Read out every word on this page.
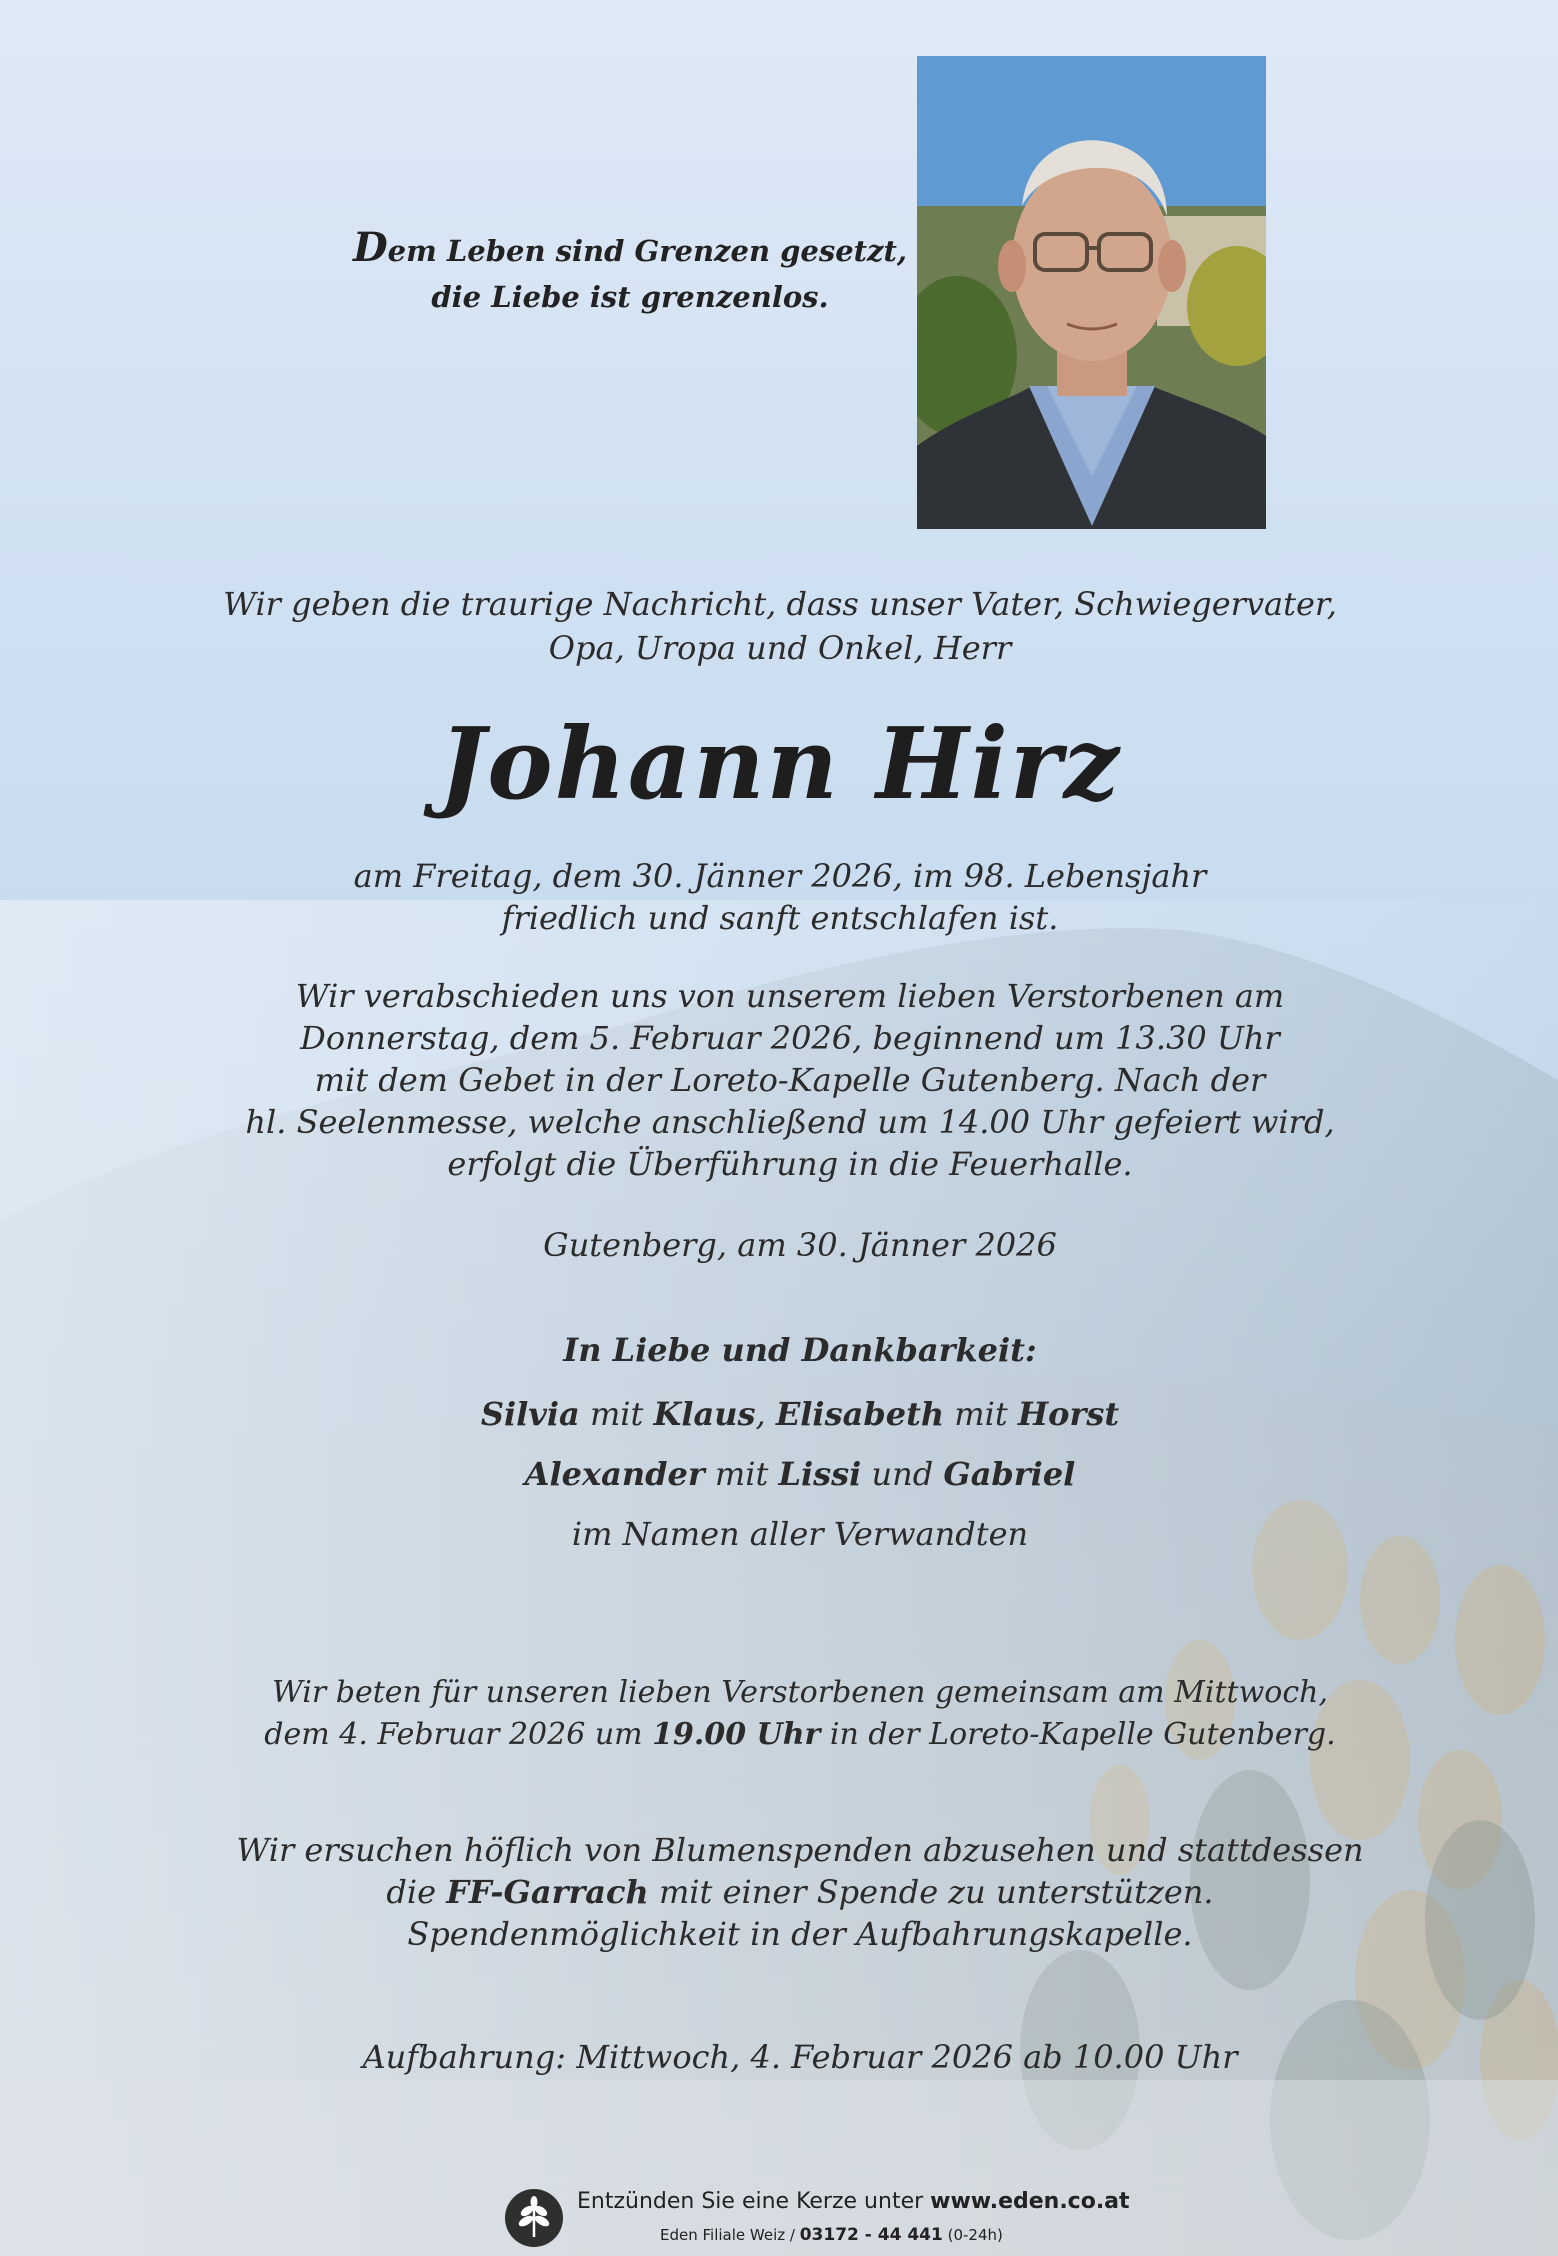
Dem Leben sind Grenzen gesetzt,
die Liebe ist grenzenlos.
Wir geben die traurige Nachricht, dass unser Vater, Schwiegervater,
Opa, Uropa und Onkel, Herr
Johann Hirz
am Freitag, dem 30. Jänner 2026, im 98. Lebensjahr
friedlich und sanft entschlafen ist.
Wir verabschieden uns von unserem lieben Verstorbenen am
Donnerstag, dem 5. Februar 2026, beginnend um 13.30 Uhr
mit dem Gebet in der Loreto-Kapelle Gutenberg. Nach der
hl. Seelenmesse, welche anschließend um 14.00 Uhr gefeiert wird,
erfolgt die Überführung in die Feuerhalle.
Gutenberg, am 30. Jänner 2026
In Liebe und Dankbarkeit:
Silvia mit Klaus, Elisabeth mit Horst
Alexander mit Lissi und Gabriel
im Namen aller Verwandten
Wir beten für unseren lieben Verstorbenen gemeinsam am Mittwoch,
dem 4. Februar 2026 um 19.00 Uhr in der Loreto-Kapelle Gutenberg.
Wir ersuchen höflich von Blumenspenden abzusehen und stattdessen
die FF-Garrach mit einer Spende zu unterstützen.
Spendenmöglichkeit in der Aufbahrungskapelle.
Aufbahrung: Mittwoch, 4. Februar 2026 ab 10.00 Uhr
Entzünden Sie eine Kerze unter www.eden.co.at
Eden Filiale Weiz / 03172 - 44 441 (0-24h)
